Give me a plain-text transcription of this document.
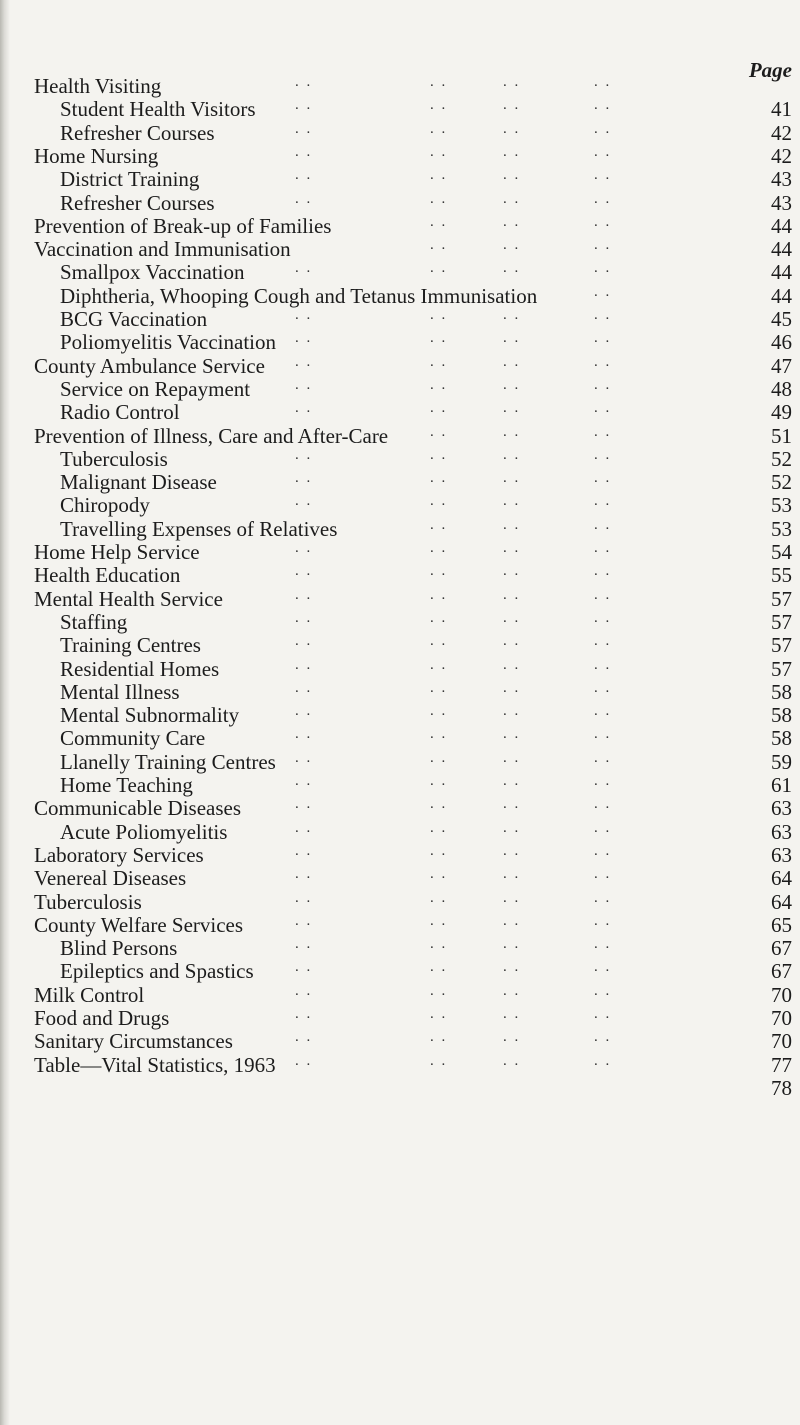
Page
Health Visiting	. .	. .	. .	. .
Student Health Visitors	. .	. .	. .	. .	41
Refresher Courses	. .	. .	. .	. .	42
Home Nursing	. .	. .	. .	. .	42
District Training	. .	. .	. .	. .	43
Refresher Courses	. .	. .	. .	. .	43
Prevention of Break-up of Families	. .	. .	. .	44
Vaccination and Immunisation	. .	. .	. .	44
Smallpox Vaccination	. .	. .	. .	. .	44
Diphtheria, Whooping Cough and Tetanus Immunisation	. .	44
BCG Vaccination	. .	. .	. .	. .	45
Poliomyelitis Vaccination . .	. .	. .	. .	46
County Ambulance Service . .	. .	. .	. .	47
Service on Repayment	. .	. .	. .	. .	48
Radio Control	. .	. .	. .	. .	49
Prevention of Illness, Care and After-Care	. .	. .	. .	51
Tuberculosis	. .	. .	. .	. .	52
Malignant Disease	. .	. .	. .	. .	52
Chiropody	. .	. .	. .	. .	53
Travelling Expenses of Relatives	. .	. .	. .	53
Home Help Service	. .	. .	. .	. .	54
Health Education	. .	. .	. .	. .	55
Mental Health Service	. .	. .	. .	. .	57
Staffing	. .	. .	. .	. .	57
Training Centres	. .	. .	. .	. .	57
Residential Homes	. .	. .	. .	. .	57
Mental Illness	. .	. .	. .	. .	58
Mental Subnormality	. .	. .	. .	. .	58
Community Care	. .	. .	. .	. .	58
Llanelly Training Centres . .	. .	. .	. .	59
Home Teaching	. .	. .	. .	. .	61
Communicable Diseases	. .	. .	. .	. .	63
Acute Poliomyelitis	. .	. .	. .	. .	63
Laboratory Services	. .	. .	. .	. .	63
Venereal Diseases	. .	. .	. .	. .	64
Tuberculosis	. .	. .	. .	. .	64
County Welfare Services	. .	. .	. .	. .	65
Blind Persons	. .	. .	. .	. .	67
Epileptics and Spastics	. .	. .	. .	. .	67
Milk Control	. .	. .	. .	. .	70
Food and Drugs	. .	. .	. .	. .	70
Sanitary Circumstances	. .	. .	. .	. .	70
Table—Vital Statistics, 1963 . .	. .	. .	. .	77
78
